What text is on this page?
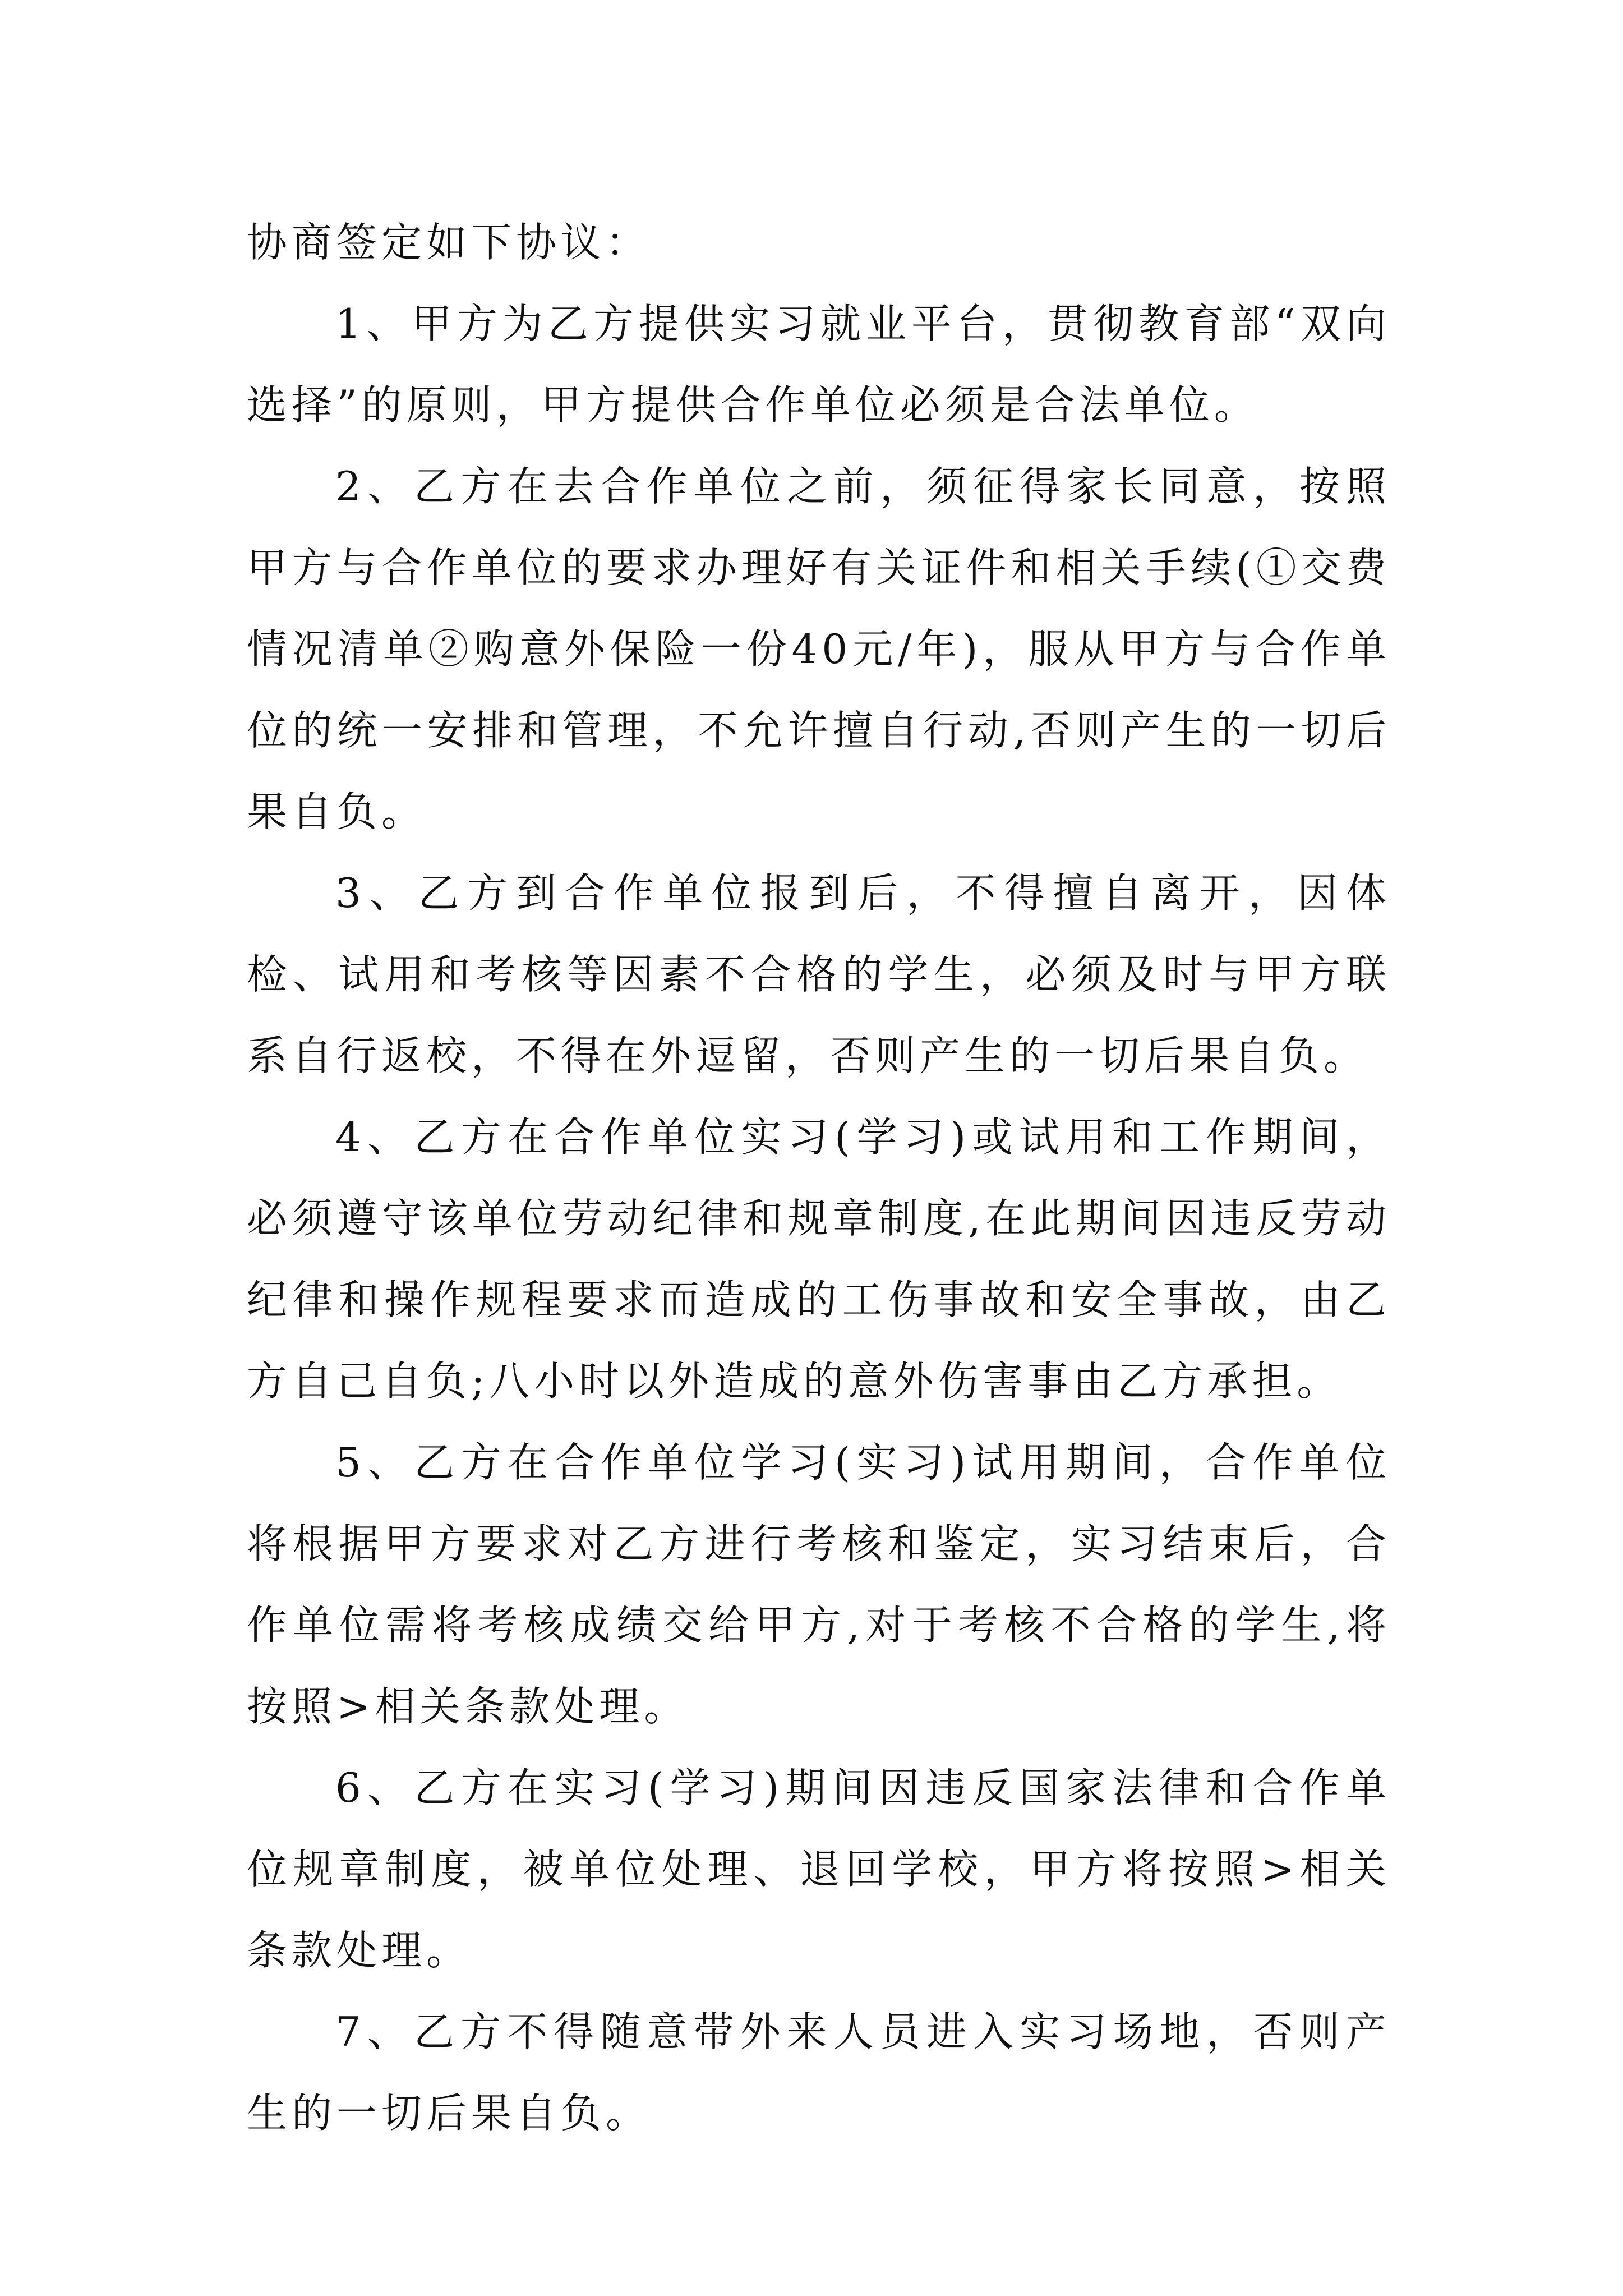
协商签定如下协议：

1、甲方为乙方提供实习就业平台，贯彻教育部“双向选择”的原则，甲方提供合作单位必须是合法单位。

2、乙方在去合作单位之前，须征得家长同意，按照甲方与合作单位的要求办理好有关证件和相关手续(①交费情况清单②购意外保险一份40元/年)，服从甲方与合作单位的统一安排和管理，不允许擅自行动,否则产生的一切后果自负。

3、乙方到合作单位报到后，不得擅自离开，因体检、试用和考核等因素不合格的学生，必须及时与甲方联系自行返校，不得在外逗留，否则产生的一切后果自负。

4、乙方在合作单位实习(学习)或试用和工作期间，必须遵守该单位劳动纪律和规章制度,在此期间因违反劳动纪律和操作规程要求而造成的工伤事故和安全事故，由乙方自己自负;八小时以外造成的意外伤害事由乙方承担。

5、乙方在合作单位学习(实习)试用期间，合作单位将根据甲方要求对乙方进行考核和鉴定，实习结束后，合作单位需将考核成绩交给甲方,对于考核不合格的学生,将按照>相关条款处理。

6、乙方在实习(学习)期间因违反国家法律和合作单位规章制度，被单位处理、退回学校，甲方将按照>相关条款处理。

7、乙方不得随意带外来人员进入实习场地，否则产生的一切后果自负。
